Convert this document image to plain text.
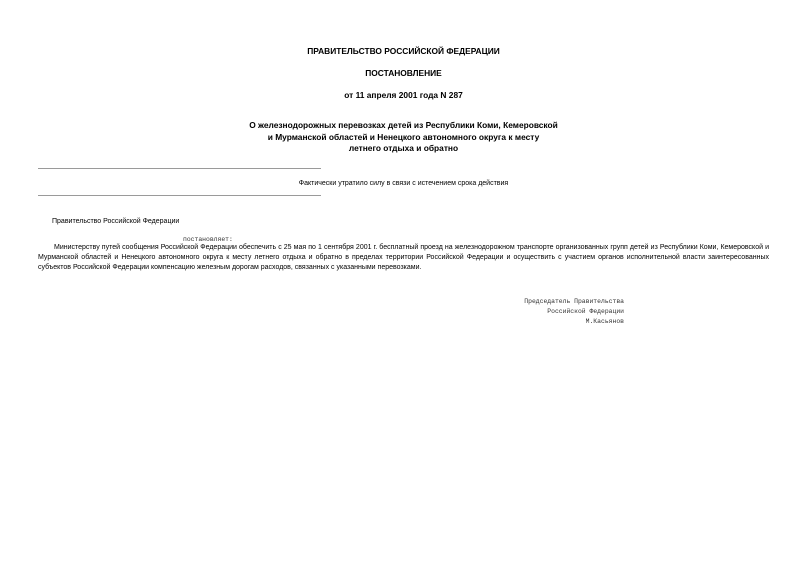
ПРАВИТЕЛЬСТВО РОССИЙСКОЙ ФЕДЕРАЦИИ
ПОСТАНОВЛЕНИЕ
от 11 апреля 2001 года N 287
О железнодорожных перевозках детей из Республики Коми, Кемеровской
и Мурманской областей и Ненецкого автономного округа к месту
летнего отдыха и обратно
Фактически утратило силу в связи с истечением срока действия
Правительство Российской Федерации
постановляет:
Министерству путей сообщения Российской Федерации обеспечить с 25 мая по 1 сентября 2001 г. бесплатный проезд на железнодорожном транспорте организованных групп детей из Республики Коми, Кемеровской и Мурманской областей и Ненецкого автономного округа к месту летнего отдыха и обратно в пределах территории Российской Федерации и осуществить с участием органов исполнительной власти заинтересованных субъектов Российской Федерации компенсацию железным дорогам расходов, связанных с указанными перевозками.
Председатель Правительства
Российской Федерации
М.Касьянов
